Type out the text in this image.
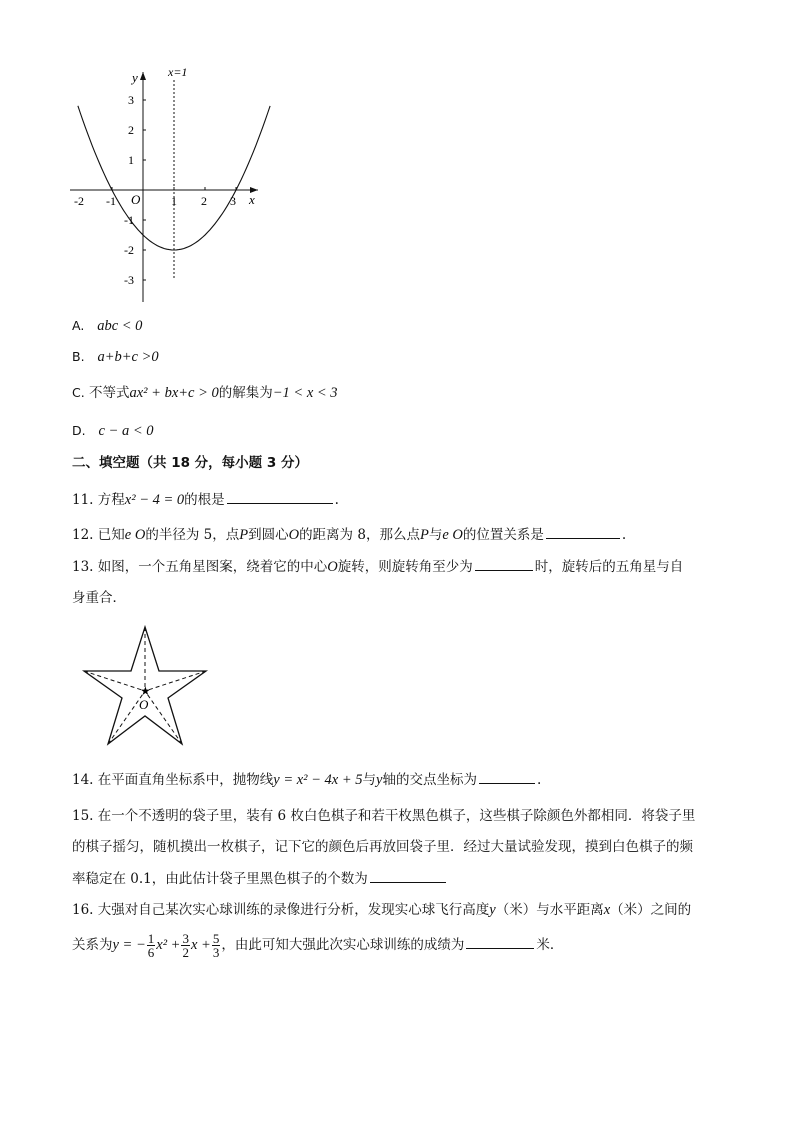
x=1
y
x
O
-2 -1	1 2 3
3
2
1
-1
-2
-3
A. abc < 0
B. a+b+c >0
C. 不等式ax² + bx+c > 0的解集为−1 < x < 3
D. c − a < 0
二、填空题（共 18 分，每小题 3 分）
11. 方程x² − 4 = 0的根是	.
12. 已知e O的半径为 5，点P到圆心O的距离为 8，那么点P与e O的位置关系是	.
13. 如图，一个五角星图案，绕着它的中心O旋转，则旋转角至少为	时，旋转后的五角星与自
身重合．
★
O
14. 在平面直角坐标系中，抛物线y = x² − 4x + 5与y轴的交点坐标为	.
15. 在一个不透明的袋子里，装有 6 枚白色棋子和若干枚黑色棋子，这些棋子除颜色外都相同．将袋子里
的棋子摇匀，随机摸出一枚棋子，记下它的颜色后再放回袋子里．经过大量试验发现，摸到白色棋子的频
率稳定在 0.1，由此估计袋子里黑色棋子的个数为
16. 大强对自己某次实心球训练的录像进行分析，发现实心球飞行高度y（米）与水平距离x（米）之间的
关系为y = − $\frac{1}{6} x^2 + \frac{3}{2}$ $x + \frac{5}{3}$ ，由此可知大强此次实心球训练的成绩为	米．
